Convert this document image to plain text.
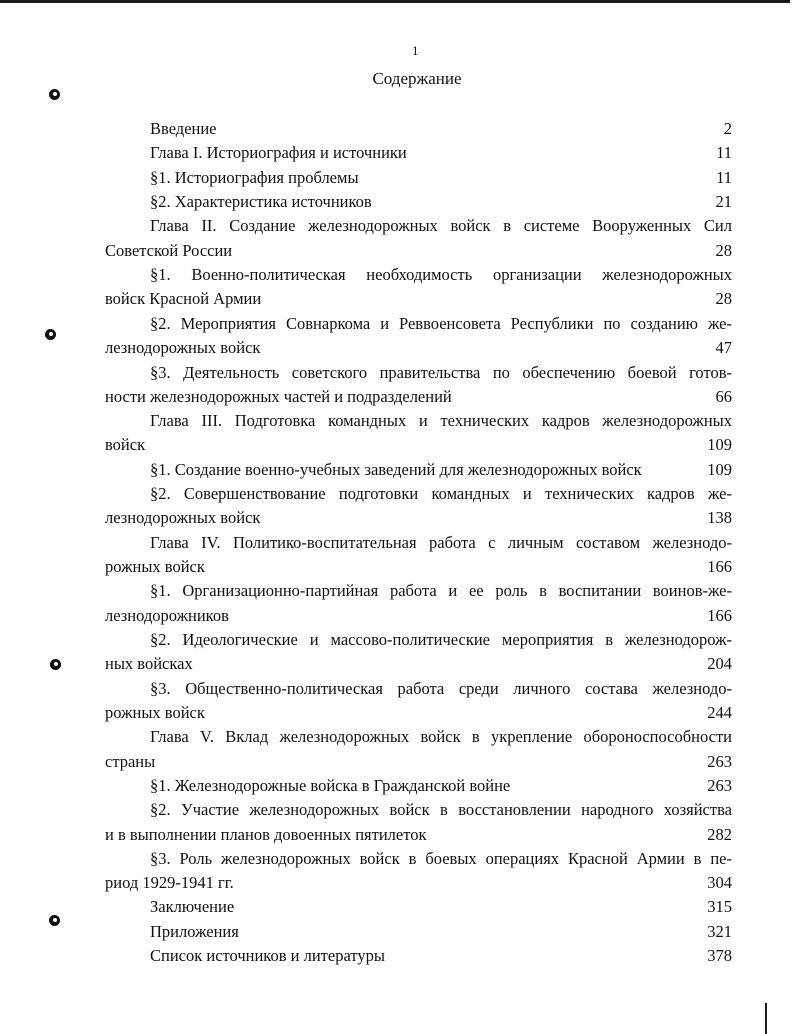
1
Содержание
Введение	2
Глава I. Историография и источники	11
§1. Историография проблемы	11
§2. Характеристика источников	21
Глава II. Создание железнодорожных войск в системе Вооруженных Сил
Советской России	28
§1. Военно-политическая необходимость организации железнодорожных
войск Красной Армии	28
§2. Мероприятия Совнаркома и Реввоенсовета Республики по созданию же-
лезнодорожных войск	47
§3. Деятельность советского правительства по обеспечению боевой готов-
ности железнодорожных частей и подразделений	66
Глава III. Подготовка командных и технических кадров железнодорожных
войск	109
§1. Создание военно-учебных заведений для железнодорожных войск	109
§2. Совершенствование подготовки командных и технических кадров же-
лезнодорожных войск	138
Глава IV. Политико-воспитательная работа с личным составом железнодо-
рожных войск	166
§1. Организационно-партийная работа и ее роль в воспитании воинов-же-
лезнодорожников	166
§2. Идеологические и массово-политические мероприятия в железнодорож-
ных войсках	204
§3. Общественно-политическая работа среди личного состава железнодо-
рожных войск	244
Глава V. Вклад железнодорожных войск в укрепление обороноспособности
страны	263
§1. Железнодорожные войска в Гражданской войне	263
§2. Участие железнодорожных войск в восстановлении народного хозяйства
и в выполнении планов довоенных пятилеток	282
§3. Роль железнодорожных войск в боевых операциях Красной Армии в пе-
риод 1929-1941 гг.	304
Заключение	315
Приложения	321
Список источников и литературы	378
